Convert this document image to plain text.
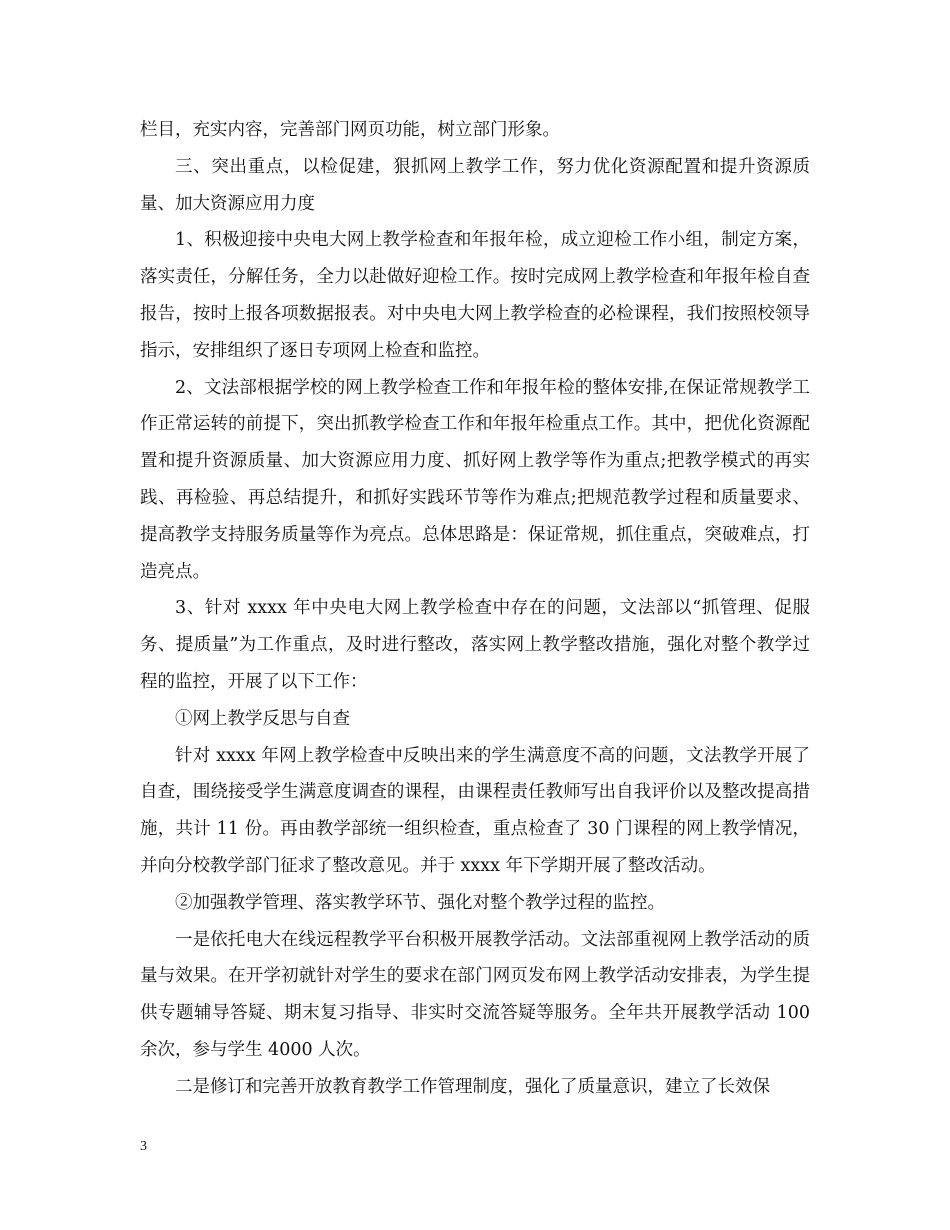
栏目，充实内容，完善部门网页功能，树立部门形象。

三、突出重点，以检促建，狠抓网上教学工作，努力优化资源配置和提升资源质量、加大资源应用力度

1、积极迎接中央电大网上教学检查和年报年检，成立迎检工作小组，制定方案，落实责任，分解任务，全力以赴做好迎检工作。按时完成网上教学检查和年报年检自查报告，按时上报各项数据报表。对中央电大网上教学检查的必检课程，我们按照校领导指示，安排组织了逐日专项网上检查和监控。

2、文法部根据学校的网上教学检查工作和年报年检的整体安排,在保证常规教学工作正常运转的前提下，突出抓教学检查工作和年报年检重点工作。其中，把优化资源配置和提升资源质量、加大资源应用力度、抓好网上教学等作为重点;把教学模式的再实践、再检验、再总结提升，和抓好实践环节等作为难点;把规范教学过程和质量要求、提高教学支持服务质量等作为亮点。总体思路是：保证常规，抓住重点，突破难点，打造亮点。

3、针对 xxxx 年中央电大网上教学检查中存在的问题，文法部以“抓管理、促服务、提质量”为工作重点，及时进行整改，落实网上教学整改措施，强化对整个教学过程的监控，开展了以下工作：

①网上教学反思与自查

针对 xxxx 年网上教学检查中反映出来的学生满意度不高的问题，文法教学开展了自查，围绕接受学生满意度调查的课程，由课程责任教师写出自我评价以及整改提高措施，共计 11 份。再由教学部统一组织检查，重点检查了 30 门课程的网上教学情况，并向分校教学部门征求了整改意见。并于 xxxx 年下学期开展了整改活动。

②加强教学管理、落实教学环节、强化对整个教学过程的监控。

一是依托电大在线远程教学平台积极开展教学活动。文法部重视网上教学活动的质量与效果。在开学初就针对学生的要求在部门网页发布网上教学活动安排表，为学生提供专题辅导答疑、期末复习指导、非实时交流答疑等服务。全年共开展教学活动 100 余次，参与学生 4000 人次。

二是修订和完善开放教育教学工作管理制度，强化了质量意识，建立了长效保

3
